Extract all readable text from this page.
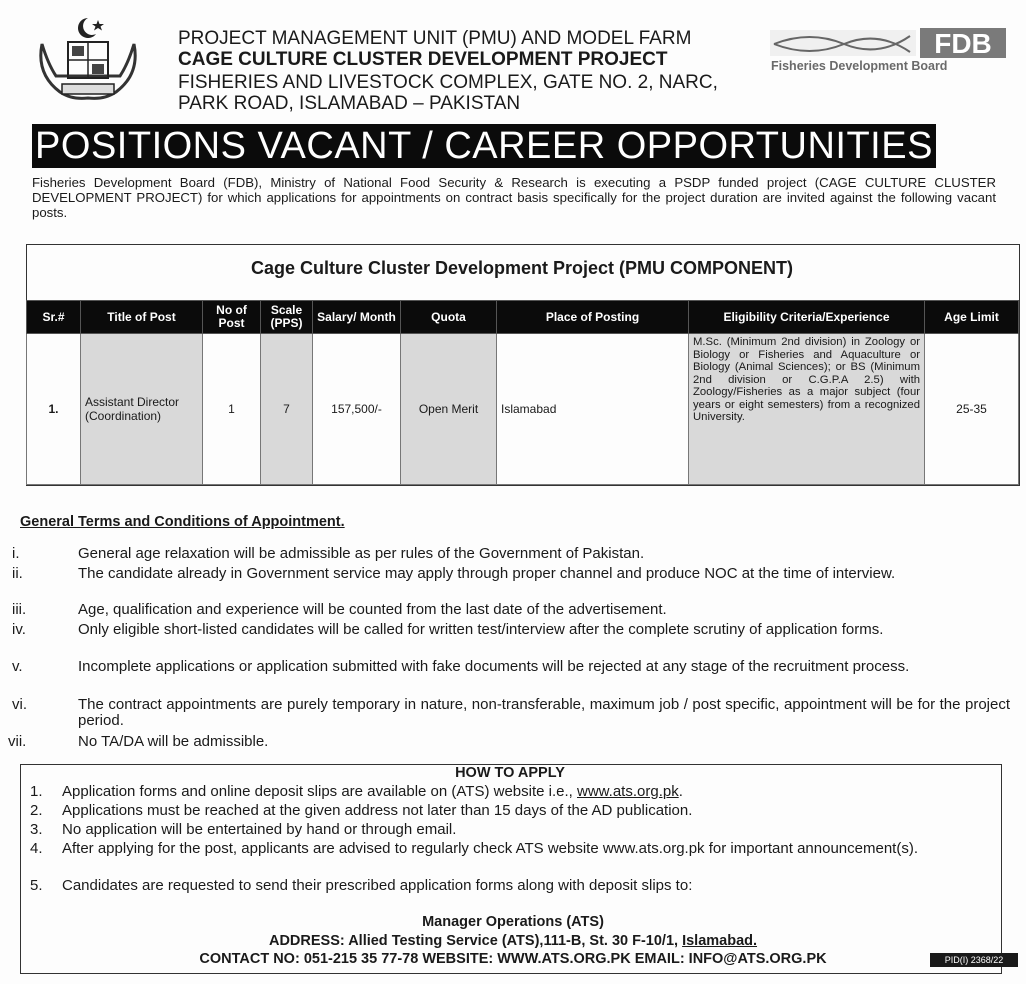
PROJECT MANAGEMENT UNIT (PMU) AND MODEL FARM
CAGE CULTURE CLUSTER DEVELOPMENT PROJECT
FISHERIES AND LIVESTOCK COMPLEX, GATE NO. 2, NARC,
PARK ROAD, ISLAMABAD – PAKISTAN
FDB
Fisheries Development Board
POSITIONS VACANT / CAREER OPPORTUNITIES
Fisheries Development Board (FDB), Ministry of National Food Security & Research is executing a PSDP funded project (CAGE CULTURE CLUSTER DEVELOPMENT PROJECT) for which applications for appointments on contract basis specifically for the project duration are invited against the following vacant posts.
Cage Culture Cluster Development Project (PMU COMPONENT)
Sr.#	Title of Post	No of Post	Scale (PPS)	Salary/ Month	Quota	Place of Posting	Eligibility Criteria/Experience	Age Limit
1.	Assistant Director (Coordination)	1	7	157,500/-	Open Merit	Islamabad	M.Sc. (Minimum 2nd division) in Zoology or Biology or Fisheries and Aquaculture or Biology (Animal Sciences); or BS (Minimum 2nd division or C.G.P.A 2.5) with Zoology/Fisheries as a major subject (four years or eight semesters) from a recognized University.	25-35
General Terms and Conditions of Appointment.
i.	General age relaxation will be admissible as per rules of the Government of Pakistan.
ii.	The candidate already in Government service may apply through proper channel and produce NOC at the time of interview.
iii.	Age, qualification and experience will be counted from the last date of the advertisement.
iv.	Only eligible short-listed candidates will be called for written test/interview after the complete scrutiny of application forms.
v.	Incomplete applications or application submitted with fake documents will be rejected at any stage of the recruitment process.
vi.	The contract appointments are purely temporary in nature, non-transferable, maximum job / post specific, appointment will be for the project period.
vii.	No TA/DA will be admissible.
HOW TO APPLY
1. Application forms and online deposit slips are available on (ATS) website i.e., www.ats.org.pk.
2. Applications must be reached at the given address not later than 15 days of the AD publication.
3. No application will be entertained by hand or through email.
4. After applying for the post, applicants are advised to regularly check ATS website www.ats.org.pk for important announcement(s).
5. Candidates are requested to send their prescribed application forms along with deposit slips to:
Manager Operations (ATS)
ADDRESS: Allied Testing Service (ATS),111-B, St. 30 F-10/1, Islamabad.
CONTACT NO: 051-215 35 77-78 WEBSITE: WWW.ATS.ORG.PK EMAIL: INFO@ATS.ORG.PK	PID(I) 2368/22
